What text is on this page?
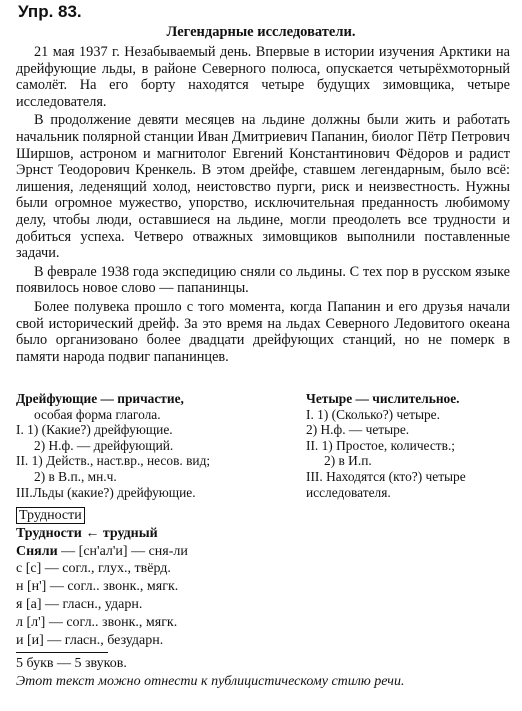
Упр. 83.
Легендарные исследователи.

21 мая 1937 г. Незабываемый день. Впервые в истории изучения Арктики на дрейфующие льды, в районе Северного полюса, опускается четырёхмоторный самолёт. На его борту находятся четыре будущих зимовщика, четыре исследователя.

В продолжение девяти месяцев на льдине должны были жить и работать начальник полярной станции Иван Дмитриевич Папанин, биолог Пётр Петрович Ширшов, астроном и магнитолог Евгений Константинович Фёдоров и радист Эрнст Теодорович Кренкель. В этом дрейфе, ставшем легендарным, было всё: лишения, леденящий холод, неистовство пурги, риск и неизвестность. Нужны были огромное мужество, упорство, исключительная преданность любимому делу, чтобы люди, оставшиеся на льдине, могли преодолеть все трудности и добиться успеха. Четверо отважных зимовщиков выполнили поставленные задачи.

В феврале 1938 года экспедицию сняли со льдины. С тех пор в русском языке появилось новое слово — папанинцы.

Более полувека прошло с того момента, когда Папанин и его друзья начали свой исторический дрейф. За это время на льдах Северного Ледовитого океана было организовано более двадцати дрейфующих станций, но не померк в памяти народа подвиг папанинцев.

Дрейфующие — причастие,
особая форма глагола.
I. 1) (Какие?) дрейфующие.
2) Н.ф. — дрейфующий.
II. 1) Действ., наст.вр., несов. вид;
2) в В.п., мн.ч.
III.Льды (какие?) дрейфующие.
Четыре — числительное.
I. 1) (Сколько?) четыре.
2) Н.ф. — четыре.
II. 1) Простое, количеств.;
2) в И.п.
III. Находятся (кто?) четыре
исследователя.
Трудности
Трудности ← трудный
Сняли — [сн'ал'и] — сня-ли
с [с] — согл., глух., твёрд.
н [н'] — согл.. звонк., мягк.
я [а] — гласн., ударн.
л [л'] — согл.. звонк., мягк.
и [и] — гласн., безударн.
5 букв — 5 звуков.
Этот текст можно отнести к публицистическому стилю речи.
